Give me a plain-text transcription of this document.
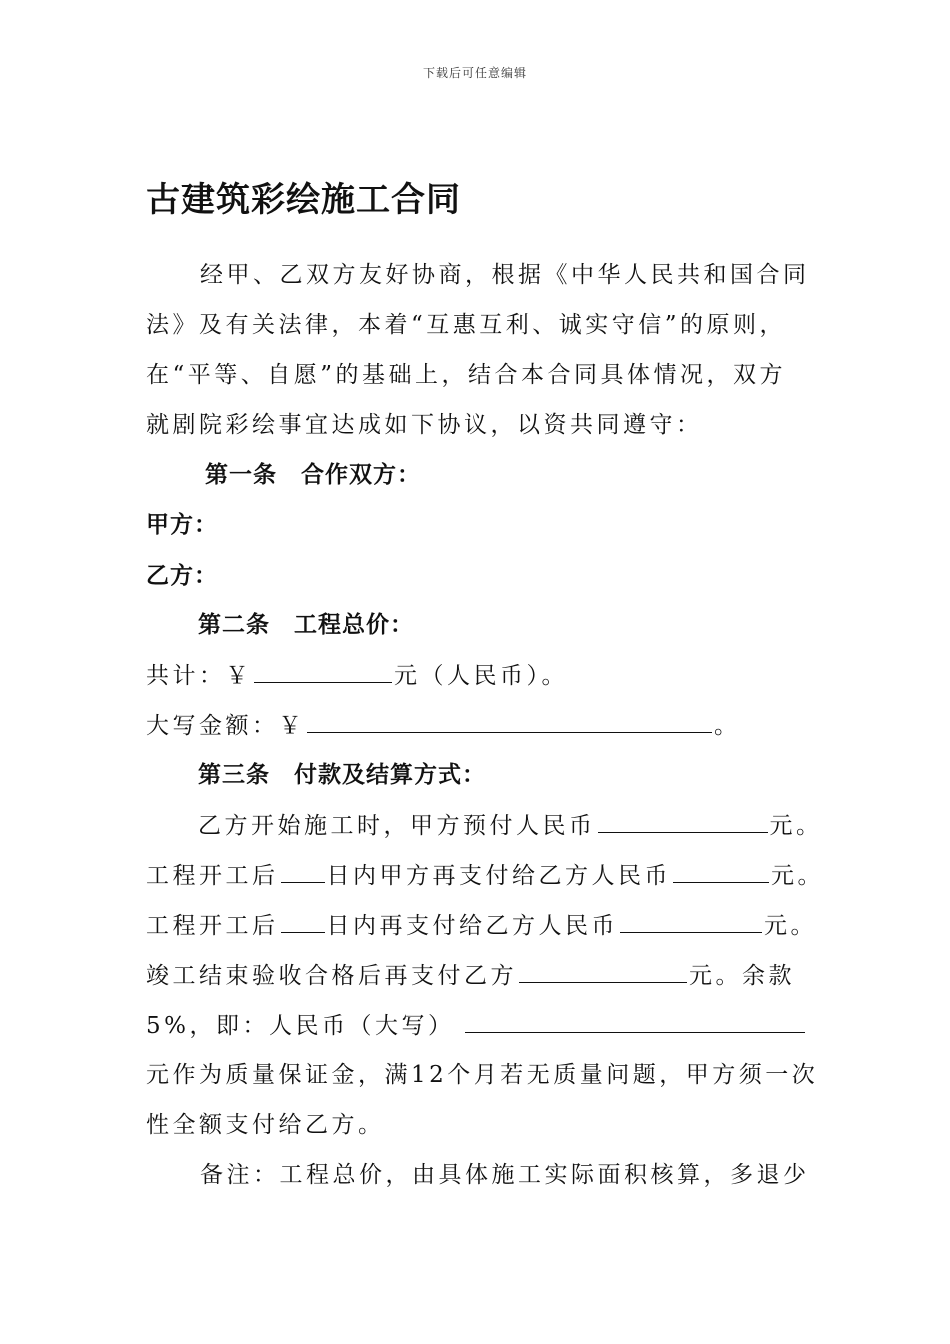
下载后可任意编辑
古建筑彩绘施工合同
经甲、乙双方友好协商，根据《中华人民共和国合同
法》及有关法律，本着“互惠互利、诚实守信”的原则，
在“平等、自愿”的基础上，结合本合同具体情况，双方
就剧院彩绘事宜达成如下协议，以资共同遵守：
第一条　合作双方：
甲方：
乙方：
第二条　工程总价：
共计：￥	元（人民币）。
大写金额：￥	。
第三条　付款及结算方式：
乙方开始施工时，甲方预付人民币	元。
工程开工后 日内甲方再支付给乙方人民币	元。
工程开工后 日内再支付给乙方人民币	元。
竣工结束验收合格后再支付乙方	元。余款
5%，即：人民币（大写）
元作为质量保证金，满12个月若无质量问题，甲方须一次
性全额支付给乙方。
备注：工程总价，由具体施工实际面积核算，多退少
